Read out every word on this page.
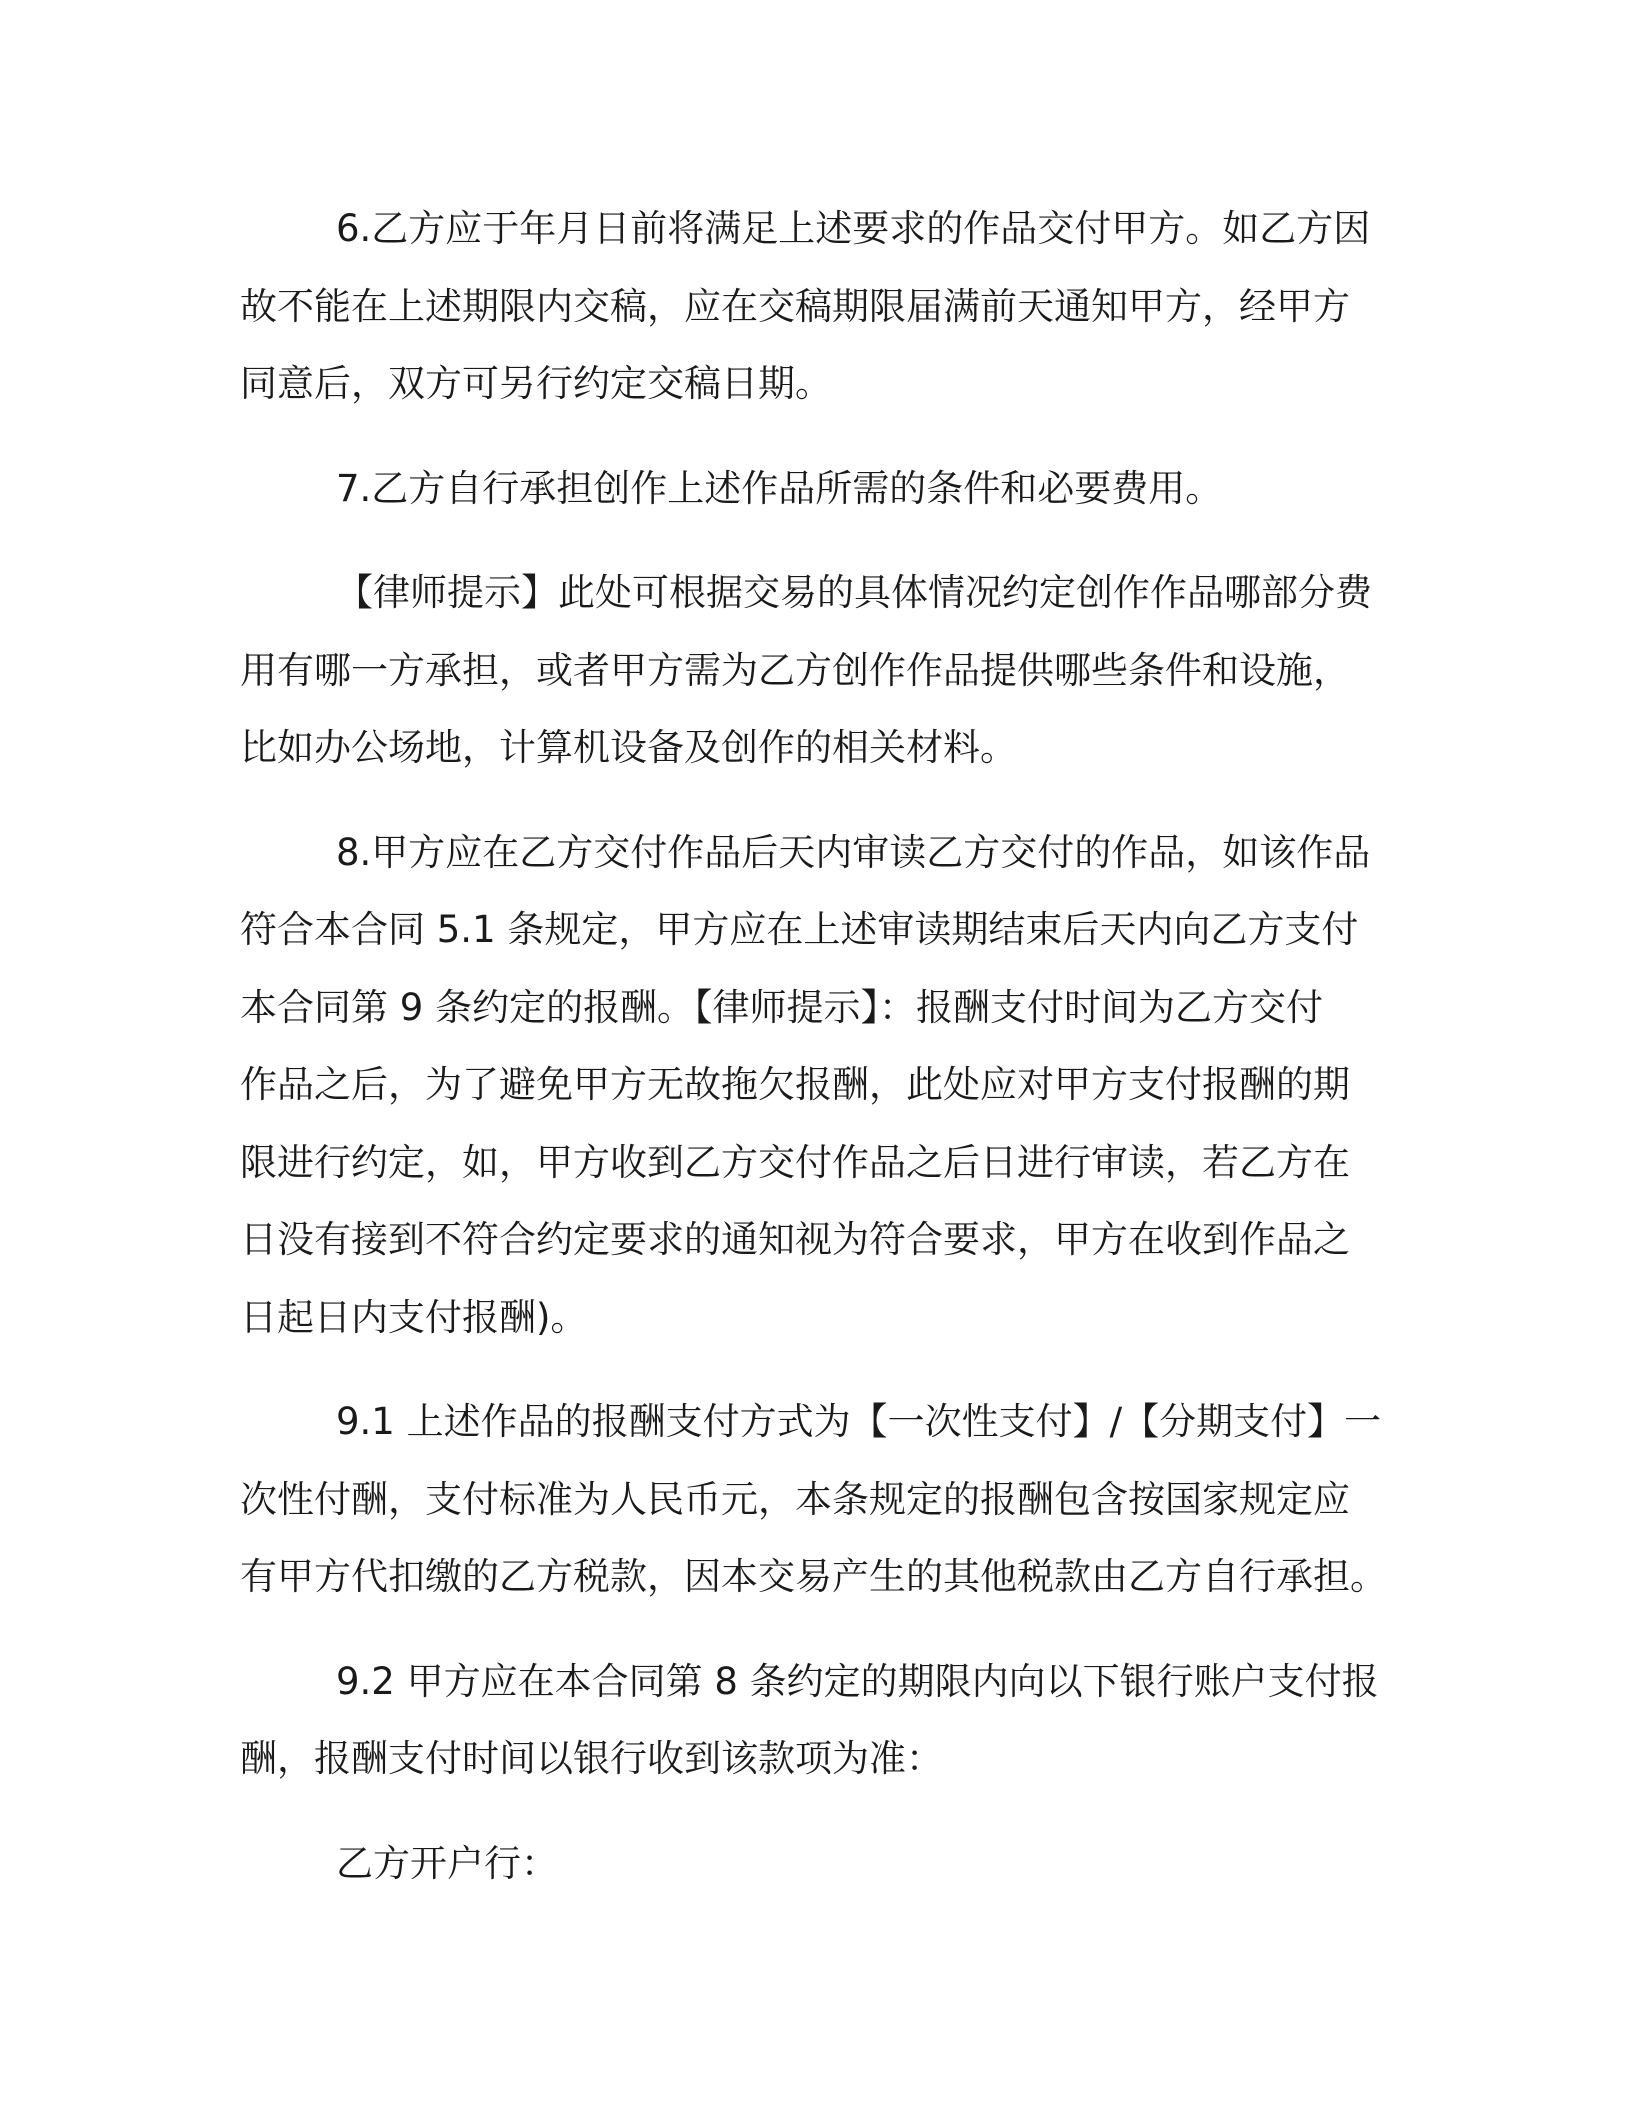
6.乙方应于年月日前将满足上述要求的作品交付甲方。如乙方因
故不能在上述期限内交稿，应在交稿期限届满前天通知甲方，经甲方
同意后，双方可另行约定交稿日期。

7.乙方自行承担创作上述作品所需的条件和必要费用。

【律师提示】此处可根据交易的具体情况约定创作作品哪部分费
用有哪一方承担，或者甲方需为乙方创作作品提供哪些条件和设施，
比如办公场地，计算机设备及创作的相关材料。

8.甲方应在乙方交付作品后天内审读乙方交付的作品，如该作品
符合本合同 5.1 条规定，甲方应在上述审读期结束后天内向乙方支付
本合同第 9 条约定的报酬。【律师提示】：报酬支付时间为乙方交付
作品之后，为了避免甲方无故拖欠报酬，此处应对甲方支付报酬的期
限进行约定，如，甲方收到乙方交付作品之后日进行审读，若乙方在
日没有接到不符合约定要求的通知视为符合要求，甲方在收到作品之
日起日内支付报酬)。

9.1 上述作品的报酬支付方式为【一次性支付】/【分期支付】一
次性付酬，支付标准为人民币元，本条规定的报酬包含按国家规定应
有甲方代扣缴的乙方税款，因本交易产生的其他税款由乙方自行承担。

9.2 甲方应在本合同第 8 条约定的期限内向以下银行账户支付报
酬，报酬支付时间以银行收到该款项为准：

乙方开户行：
